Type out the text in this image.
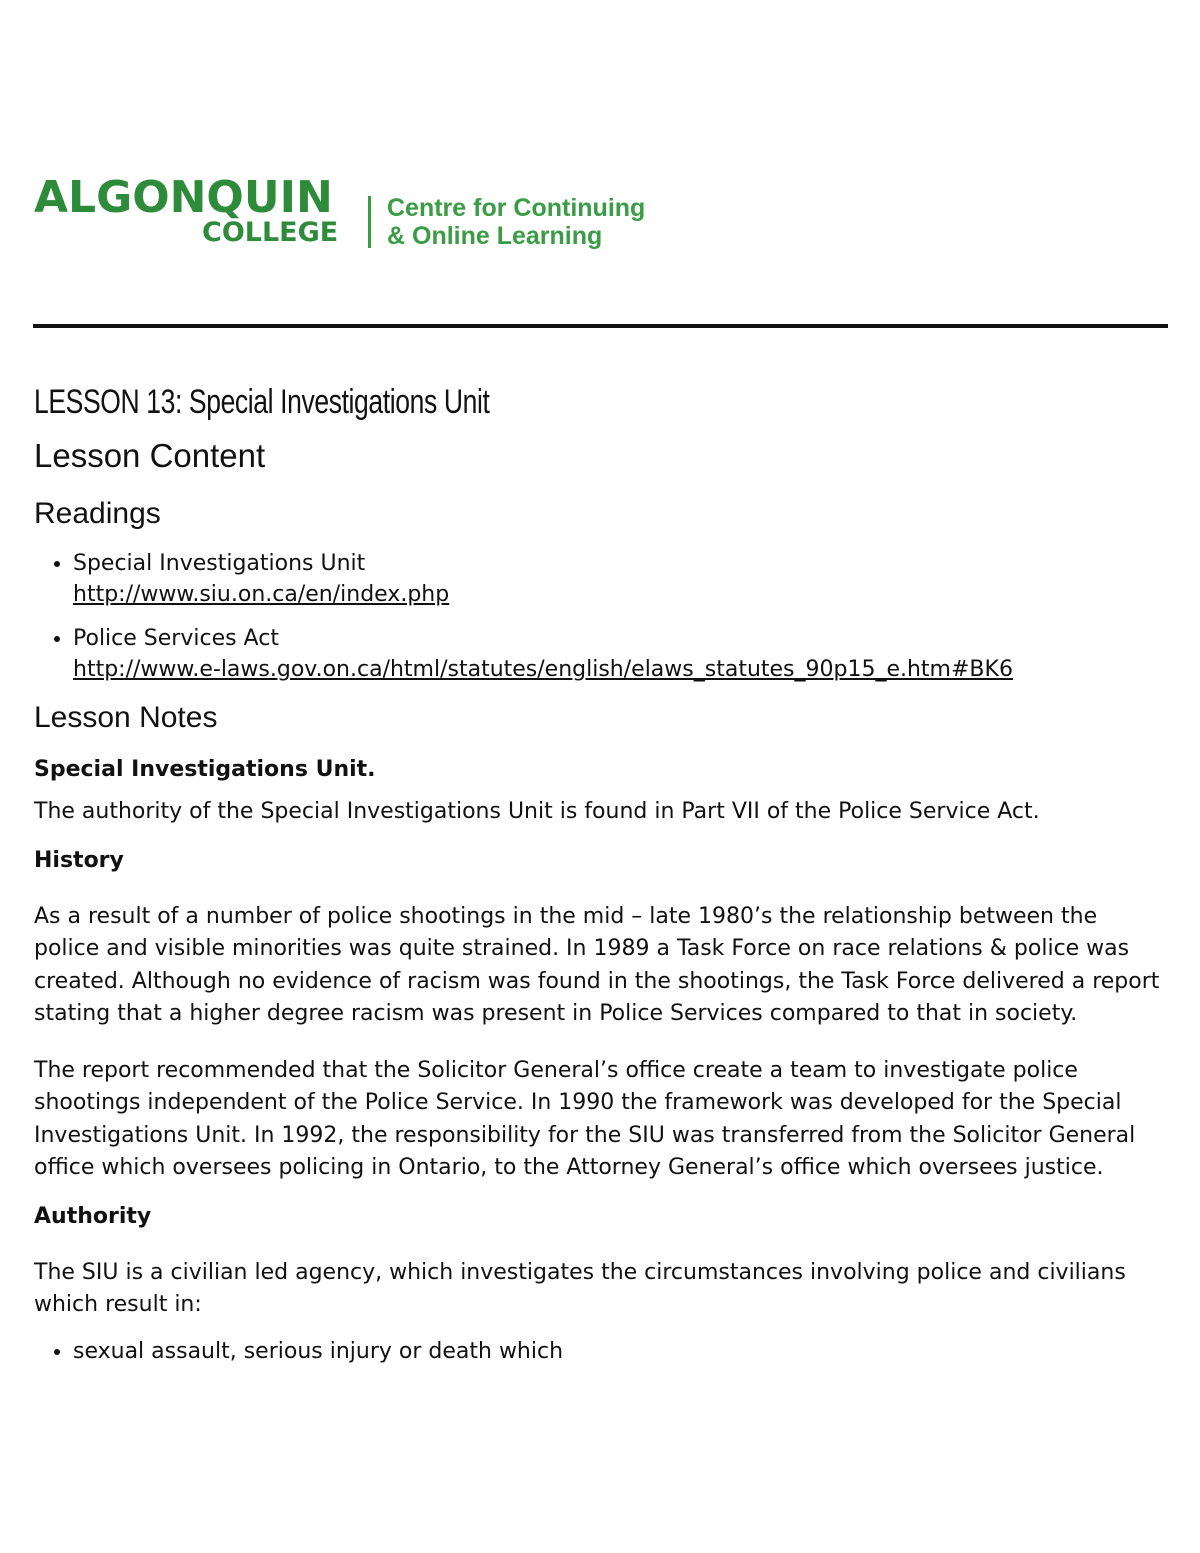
ALGONQUIN
COLLEGE
Centre for Continuing
& Online Learning
LESSON 13: Special Investigations Unit
Lesson Content
Readings
• Special Investigations Unit
http://www.siu.on.ca/en/index.php
• Police Services Act
http://www.e-laws.gov.on.ca/html/statutes/english/elaws_statutes_90p15_e.htm#BK6
Lesson Notes
Special Investigations Unit.

The authority of the Special Investigations Unit is found in Part VII of the Police Service Act.

History

As a result of a number of police shootings in the mid – late 1980’s the relationship between the police and visible minorities was quite strained. In 1989 a Task Force on race relations & police was created. Although no evidence of racism was found in the shootings, the Task Force delivered a report stating that a higher degree racism was present in Police Services compared to that in society.

The report recommended that the Solicitor General’s office create a team to investigate police shootings independent of the Police Service. In 1990 the framework was developed for the Special Investigations Unit. In 1992, the responsibility for the SIU was transferred from the Solicitor General office which oversees policing in Ontario, to the Attorney General’s office which oversees justice.

Authority

The SIU is a civilian led agency, which investigates the circumstances involving police and civilians which result in:

• sexual assault, serious injury or death which
